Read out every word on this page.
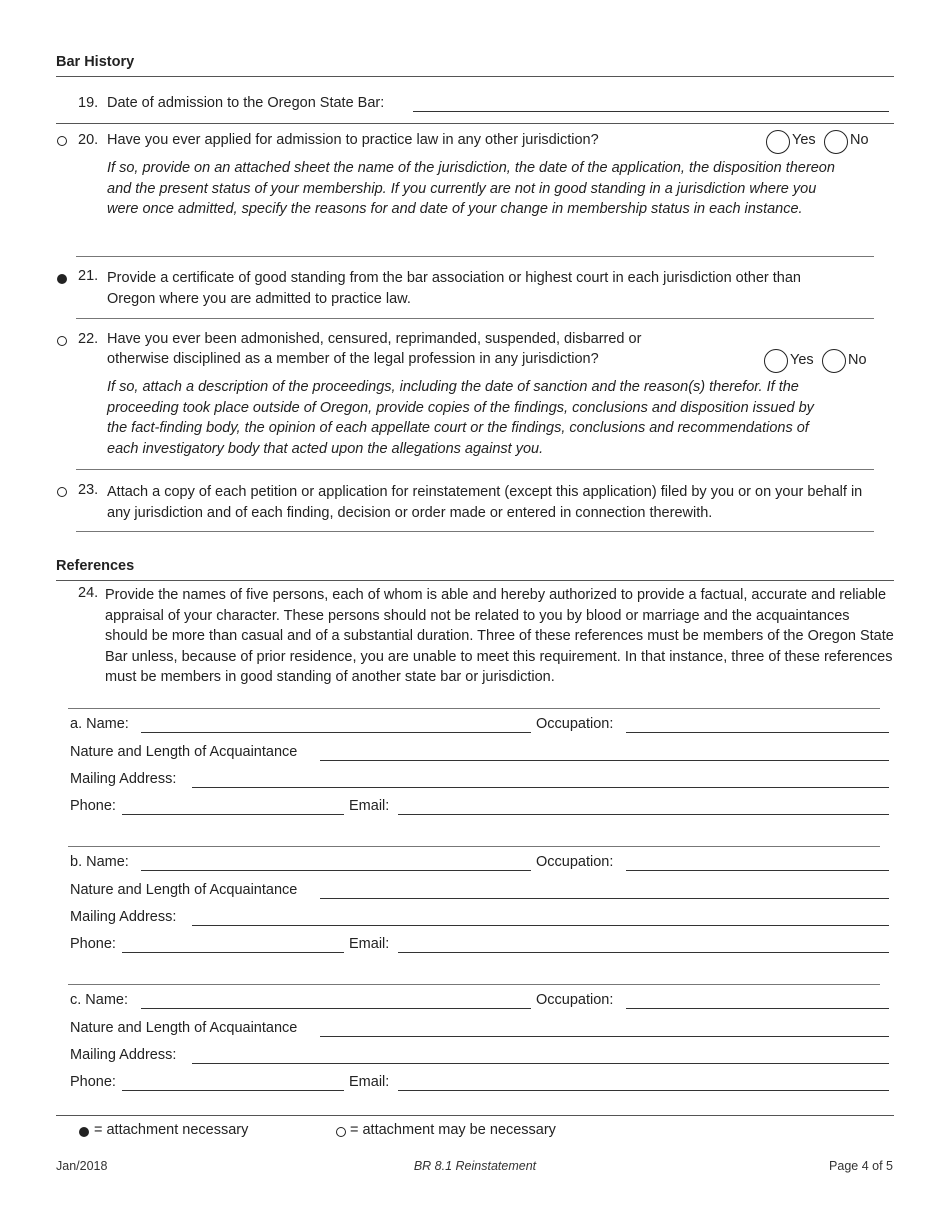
Bar History
19. Date of admission to the Oregon State Bar:
20. Have you ever applied for admission to practice law in any other jurisdiction?	Yes No
If so, provide on an attached sheet the name of the jurisdiction, the date of the application, the disposition thereon and the present status of your membership. If you currently are not in good standing in a jurisdiction where you were once admitted, specify the reasons for and date of your change in membership status in each instance.
21. Provide a certificate of good standing from the bar association or highest court in each jurisdiction other than Oregon where you are admitted to practice law.
22. Have you ever been admonished, censured, reprimanded, suspended, disbarred or
otherwise disciplined as a member of the legal profession in any jurisdiction?	Yes No
If so, attach a description of the proceedings, including the date of sanction and the reason(s) therefor. If the proceeding took place outside of Oregon, provide copies of the findings, conclusions and disposition issued by the fact-finding body, the opinion of each appellate court or the findings, conclusions and recommendations of each investigatory body that acted upon the allegations against you.
23. Attach a copy of each petition or application for reinstatement (except this application) filed by you or on your behalf in any jurisdiction and of each finding, decision or order made or entered in connection therewith.
References
24. Provide the names of five persons, each of whom is able and hereby authorized to provide a factual, accurate and reliable appraisal of your character. These persons should not be related to you by blood or marriage and the acquaintances should be more than casual and of a substantial duration. Three of these references must be members of the Oregon State Bar unless, because of prior residence, you are unable to meet this requirement. In that instance, three of these references must be members in good standing of another state bar or jurisdiction.
a. Name:	Occupation:
Nature and Length of Acquaintance
Mailing Address:
Phone:	Email:
b. Name:	Occupation:
Nature and Length of Acquaintance
Mailing Address:
Phone:	Email:
c. Name:	Occupation:
Nature and Length of Acquaintance
Mailing Address:
Phone:	Email:
= attachment necessary	= attachment may be necessary
Jan/2018	BR 8.1 Reinstatement	Page 4 of 5
